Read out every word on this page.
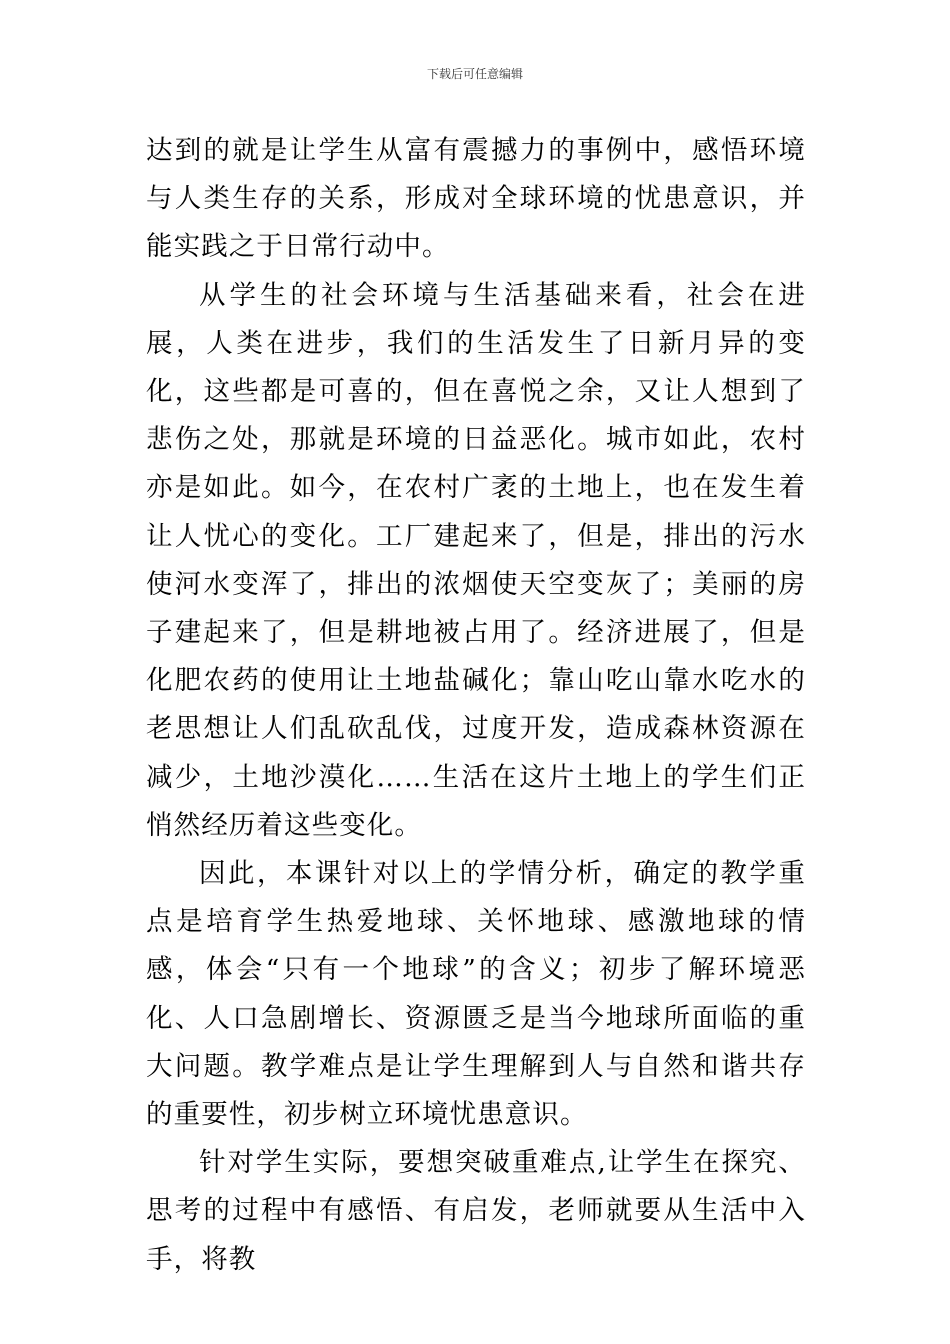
下载后可任意编辑

达到的就是让学生从富有震撼力的事例中，感悟环境与人类生存的关系，形成对全球环境的忧患意识，并能实践之于日常行动中。

从学生的社会环境与生活基础来看，社会在进展，人类在进步，我们的生活发生了日新月异的变化，这些都是可喜的，但在喜悦之余，又让人想到了悲伤之处，那就是环境的日益恶化。城市如此，农村亦是如此。如今，在农村广袤的土地上，也在发生着让人忧心的变化。工厂建起来了，但是，排出的污水使河水变浑了，排出的浓烟使天空变灰了；美丽的房子建起来了，但是耕地被占用了。经济进展了，但是化肥农药的使用让土地盐碱化；靠山吃山靠水吃水的老思想让人们乱砍乱伐，过度开发，造成森林资源在减少，土地沙漠化……生活在这片土地上的学生们正悄然经历着这些变化。

因此，本课针对以上的学情分析，确定的教学重点是培育学生热爱地球、关怀地球、感激地球的情感，体会“只有一个地球”的含义；初步了解环境恶化、人口急剧增长、资源匮乏是当今地球所面临的重大问题。教学难点是让学生理解到人与自然和谐共存的重要性，初步树立环境忧患意识。

针对学生实际，要想突破重难点,让学生在探究、思考的过程中有感悟、有启发，老师就要从生活中入手，将教
